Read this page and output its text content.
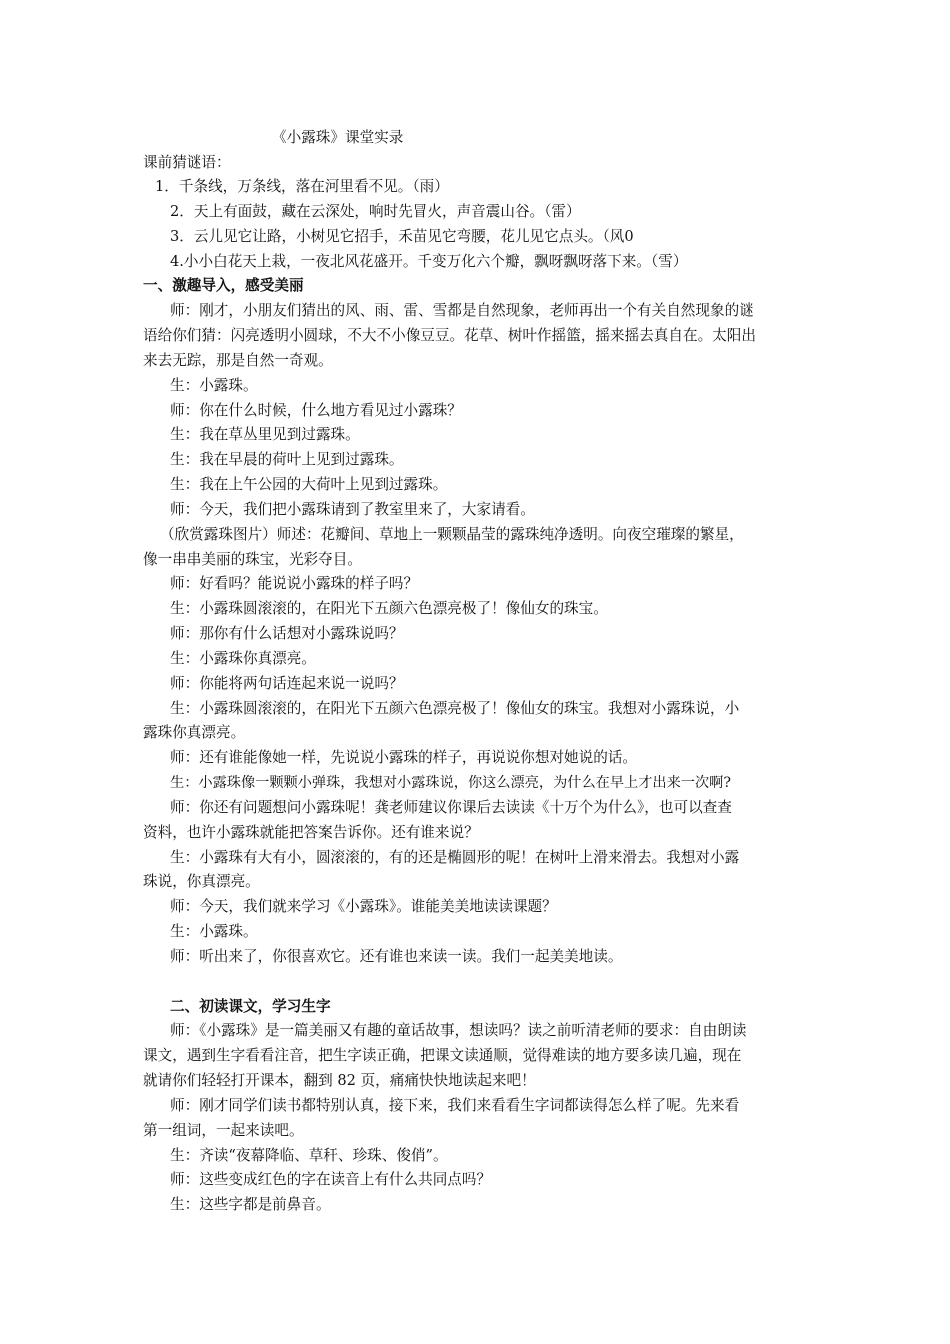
《小露珠》课堂实录
课前猜谜语：
1．千条线，万条线，落在河里看不见。（雨）
2．天上有面鼓，藏在云深处，响时先冒火，声音震山谷。（雷）
3．云儿见它让路，小树见它招手，禾苗见它弯腰，花儿见它点头。（风0
4.小小白花天上栽，一夜北风花盛开。千变万化六个瓣，飘呀飘呀落下来。（雪）
一、激趣导入，感受美丽
师：刚才，小朋友们猜出的风、雨、雷、雪都是自然现象，老师再出一个有关自然现象的谜
语给你们猜：闪亮透明小圆球，不大不小像豆豆。花草、树叶作摇篮，摇来摇去真自在。太阳出
来去无踪，那是自然一奇观。
生：小露珠。
师：你在什么时候，什么地方看见过小露珠？
生：我在草丛里见到过露珠。
生：我在早晨的荷叶上见到过露珠。
生：我在上午公园的大荷叶上见到过露珠。
师：今天，我们把小露珠请到了教室里来了，大家请看。
（欣赏露珠图片）师述：花瓣间、草地上一颗颗晶莹的露珠纯净透明。向夜空璀璨的繁星，
像一串串美丽的珠宝，光彩夺目。
师：好看吗？能说说小露珠的样子吗？
生：小露珠圆滚滚的，在阳光下五颜六色漂亮极了！像仙女的珠宝。
师：那你有什么话想对小露珠说吗？
生：小露珠你真漂亮。
师：你能将两句话连起来说一说吗？
生：小露珠圆滚滚的，在阳光下五颜六色漂亮极了！像仙女的珠宝。我想对小露珠说，小
露珠你真漂亮。
师：还有谁能像她一样，先说说小露珠的样子，再说说你想对她说的话。
生：小露珠像一颗颗小弹珠，我想对小露珠说，你这么漂亮，为什么在早上才出来一次啊?
师：你还有问题想问小露珠呢！龚老师建议你课后去读读《十万个为什么》，也可以查查
资料，也许小露珠就能把答案告诉你。还有谁来说？
生：小露珠有大有小，圆滚滚的，有的还是椭圆形的呢！在树叶上滑来滑去。我想对小露
珠说，你真漂亮。
师：今天，我们就来学习《小露珠》。谁能美美地读读课题？
生：小露珠。
师：听出来了，你很喜欢它。还有谁也来读一读。我们一起美美地读。
二、初读课文，学习生字
师：《小露珠》是一篇美丽又有趣的童话故事，想读吗？读之前听清老师的要求：自由朗读
课文，遇到生字看看注音，把生字读正确，把课文读通顺，觉得难读的地方要多读几遍，现在
就请你们轻轻打开课本，翻到 82 页，痛痛快快地读起来吧！
师：刚才同学们读书都特别认真，接下来，我们来看看生字词都读得怎么样了呢。先来看
第一组词，一起来读吧。
生：齐读“夜幕降临、草秆、珍珠、俊俏”。
师：这些变成红色的字在读音上有什么共同点吗？
生：这些字都是前鼻音。
